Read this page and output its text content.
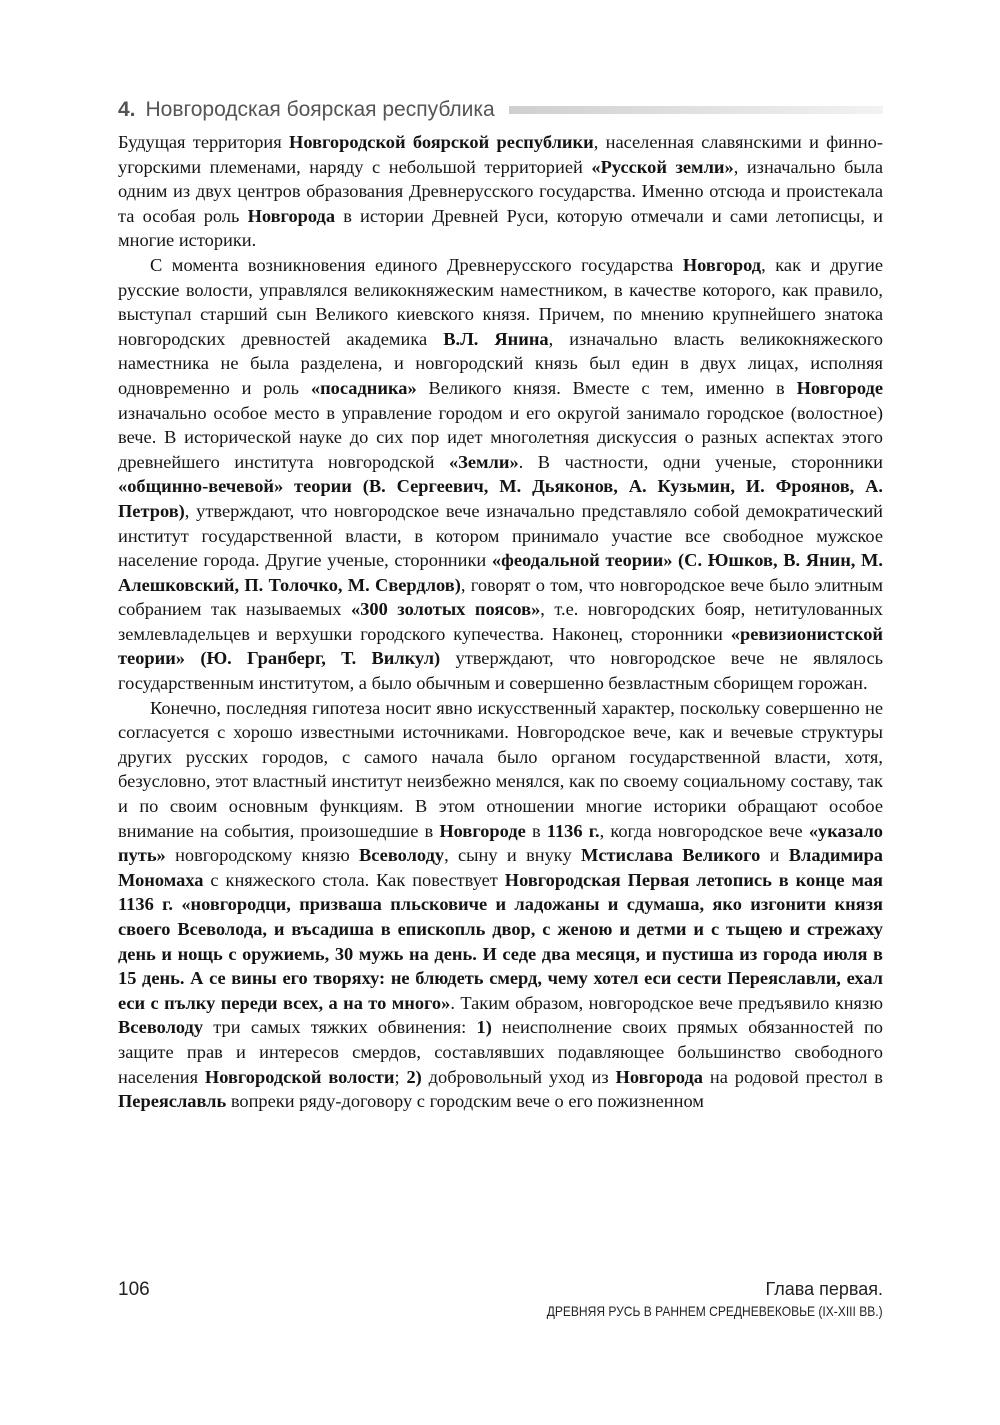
4. Новгородская боярская республика

Будущая территория Новгородской боярской республики, населенная славянскими и финно-угорскими племенами, наряду с небольшой территорией «Русской земли», изначально была одним из двух центров образования Древнерусского государства. Именно отсюда и проистекала та особая роль Новгорода в истории Древней Руси, которую отмечали и сами летописцы, и многие историки.

С момента возникновения единого Древнерусского государства Новгород, как и другие русские волости, управлялся великокняжеским наместником, в качестве которого, как правило, выступал старший сын Великого киевского князя. Причем, по мнению крупнейшего знатока новгородских древностей академика В.Л. Янина, изначально власть великокняжеского наместника не была разделена, и новгородский князь был един в двух лицах, исполняя одновременно и роль «посадника» Великого князя. Вместе с тем, именно в Новгороде изначально особое место в управление городом и его округой занимало городское (волостное) вече. В исторической науке до сих пор идет многолетняя дискуссия о разных аспектах этого древнейшего института новгородской «Земли». В частности, одни ученые, сторонники «общинно-вечевой» теории (В. Сергеевич, М. Дьяконов, А. Кузьмин, И. Фроянов, А. Петров), утверждают, что новгородское вече изначально представляло собой демократический институт государственной власти, в котором принимало участие все свободное мужское население города. Другие ученые, сторонники «феодальной теории» (С. Юшков, В. Янин, М. Алешковский, П. Толочко, М. Свердлов), говорят о том, что новгородское вече было элитным собранием так называемых «300 золотых поясов», т.е. новгородских бояр, нетитулованных землевладельцев и верхушки городского купечества. Наконец, сторонники «ревизионистской теории» (Ю. Гранберг, Т. Вилкул) утверждают, что новгородское вече не являлось государственным институтом, а было обычным и совершенно безвластным сборищем горожан.

Конечно, последняя гипотеза носит явно искусственный характер, поскольку совершенно не согласуется с хорошо известными источниками. Новгородское вече, как и вечевые структуры других русских городов, с самого начала было органом государственной власти, хотя, безусловно, этот властный институт неизбежно менялся, как по своему социальному составу, так и по своим основным функциям. В этом отношении многие историки обращают особое внимание на события, произошедшие в Новгороде в 1136 г., когда новгородское вече «указало путь» новгородскому князю Всеволоду, сыну и внуку Мстислава Великого и Владимира Мономаха с княжеского стола. Как повествует Новгородская Первая летопись в конце мая 1136 г. «новгородци, призваша пльсковиче и ладожаны и сдумаша, яко изгонити князя своего Всеволода, и въсадиша в епископль двор, с женою и детми и с тьщею и стрежаху день и нощь с оружиемь, 30 мужь на день. И седе два месяця, и пустиша из города июля в 15 день. А се вины его творяху: не блюдеть смерд, чему хотел еси сести Переяславли, ехал еси с пълку переди всех, а на то много». Таким образом, новгородское вече предъявило князю Всеволоду три самых тяжких обвинения: 1) неисполнение своих прямых обязанностей по защите прав и интересов смердов, составлявших подавляющее большинство свободного населения Новгородской волости; 2) добровольный уход из Новгорода на родовой престол в Переяславль вопреки ряду-договору с городским вече о его пожизненном

106	Глава первая.
ДРЕВНЯЯ РУСЬ В РАННЕМ СРЕДНЕВЕКОВЬЕ (IX-XIII ВВ.)
